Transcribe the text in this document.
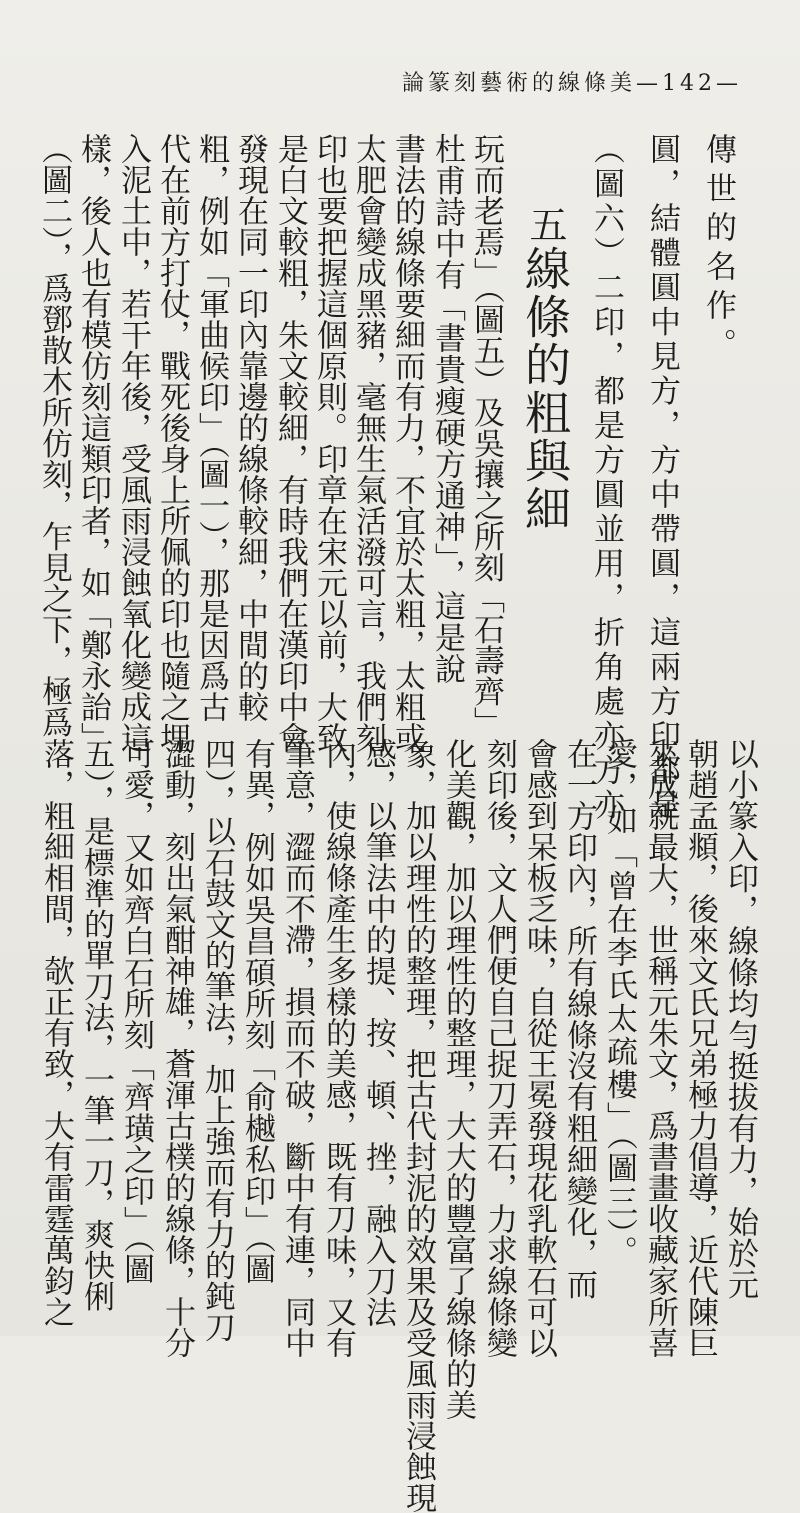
論篆刻藝術的線條美—142—
五線條的粗與細	傳世的名作。
圓，結體圓中見方，方中帶圓，這兩方印都是
（圖六）二印，都是方圓並用，折角處亦方亦
玩而老焉」（圖五）及吳攘之所刻「石壽齊」
杜甫詩中有「書貴瘦硬方通神」，這是說
書法的線條要細而有力，不宜於太粗，太粗或
太肥會變成黑豬，毫無生氣活潑可言，我們刻
印也要把握這個原則。印章在宋元以前，大致
是白文較粗，朱文較細，有時我們在漢印中會
發現在同一印內靠邊的線條較細，中間的較
粗，例如「軍曲候印」（圖一），那是因爲古
代在前方打仗，戰死後身上所佩的印也隨之埋
入泥土中，若干年後，受風雨浸蝕氧化變成這
樣，後人也有模仿刻這類印者，如「鄭永詒」
（圖二），爲鄧散木所仿刻，乍見之下，極爲
以小篆入印，線條均勻挺拔有力，始於元
朝趙孟頫，後來文氏兄弟極力倡導，近代陳巨
來成就最大，世稱元朱文，爲書畫收藏家所喜
愛，如「曾在李氏太疏樓」（圖三）。
在一方印內，所有線條沒有粗細變化，而
會感到呆板乏味，自從王冕發現花乳軟石可以
刻印後，文人們便自己捉刀弄石，力求線條變
化美觀，加以理性的整理，大大的豐富了線條的美
象，加以理性的整理，把古代封泥的效果及受風雨浸蝕現
感，以筆法中的提、按、頓、挫，融入刀法
內，使線條產生多樣的美感，既有刀味，又有
筆意，澀而不滯，損而不破，斷中有連，同中
有異，例如吳昌碩所刻「俞樾私印」（圖
四），以石鼓文的筆法，加上強而有力的鈍刀
澀動，刻出氣酣神雄，蒼渾古樸的線條，十分
可愛，又如齊白石所刻「齊璜之印」（圖
五），是標準的單刀法，一筆一刀，爽快俐
落，粗細相間，欹正有致，大有雷霆萬鈞之
